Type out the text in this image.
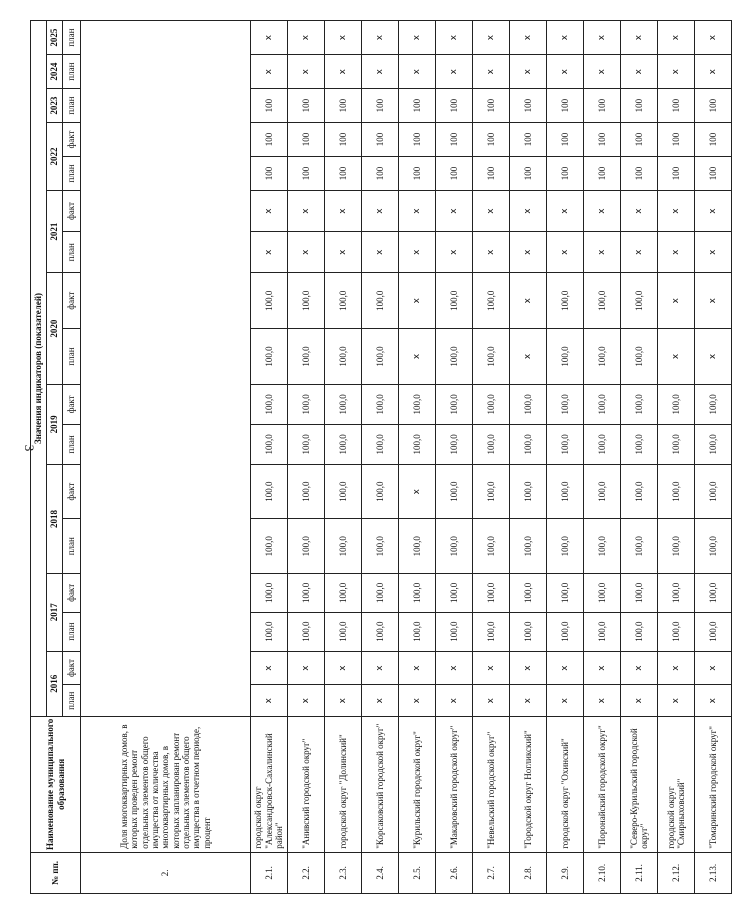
3
№ пп.	Наименование муниципального образования	Значения индикаторов (показателей)																
		2016		2017		2018		2019		2020		2021		2022		2023	2024	2025
		план	факт	план	факт	план	факт	план	факт	план	факт	план	факт	план	факт	план	план	план
2.	Доля многоквартирных домов, в которых проведен ремонт отдельных элементов общего имущества от количества многоквартирных домов, в которых запланирован ремонт отдельных элементов общего имущества в отчетном периоде, процент																	
2.1.	городской округ "Александровск-Сахалинский район"	x	x	100,0	100,0	100,0	100,0	100,0	100,0	100,0	100,0	x	x	100	100	100	x	x
2.2.	"Анивский городской округ"	x	x	100,0	100,0	100,0	100,0	100,0	100,0	100,0	100,0	x	x	100	100	100	x	x
2.3.	городской округ "Долинский"	x	x	100,0	100,0	100,0	100,0	100,0	100,0	100,0	100,0	x	x	100	100	100	x	x
2.4.	"Корсаковский городской округ"	x	x	100,0	100,0	100,0	100,0	100,0	100,0	100,0	100,0	x	x	100	100	100	x	x
2.5.	"Курильский городской округ"	x	x	100,0	100,0	100,0	x	100,0	100,0	x	x	x	x	100	100	100	x	x
2.6.	"Макаровский городской округ"	x	x	100,0	100,0	100,0	100,0	100,0	100,0	100,0	100,0	x	x	100	100	100	x	x
2.7.	"Невельский городской округ"	x	x	100,0	100,0	100,0	100,0	100,0	100,0	100,0	100,0	x	x	100	100	100	x	x
2.8.	"Городской округ Ногликский"	x	x	100,0	100,0	100,0	100,0	100,0	100,0	x	x	x	x	100	100	100	x	x
2.9.	городской округ "Охинский"	x	x	100,0	100,0	100,0	100,0	100,0	100,0	100,0	100,0	x	x	100	100	100	x	x
2.10.	"Поронайский городской округ"	x	x	100,0	100,0	100,0	100,0	100,0	100,0	100,0	100,0	x	x	100	100	100	x	x
2.11.	"Северо-Курильский городской округ"	x	x	100,0	100,0	100,0	100,0	100,0	100,0	100,0	100,0	x	x	100	100	100	x	x
2.12.	городской округ "Смирныховский"	x	x	100,0	100,0	100,0	100,0	100,0	100,0	x	x	x	x	100	100	100	x	x
2.13.	"Томаринский городской округ"	x	x	100,0	100,0	100,0	100,0	100,0	100,0	x	x	x	x	100	100	100	x	x
